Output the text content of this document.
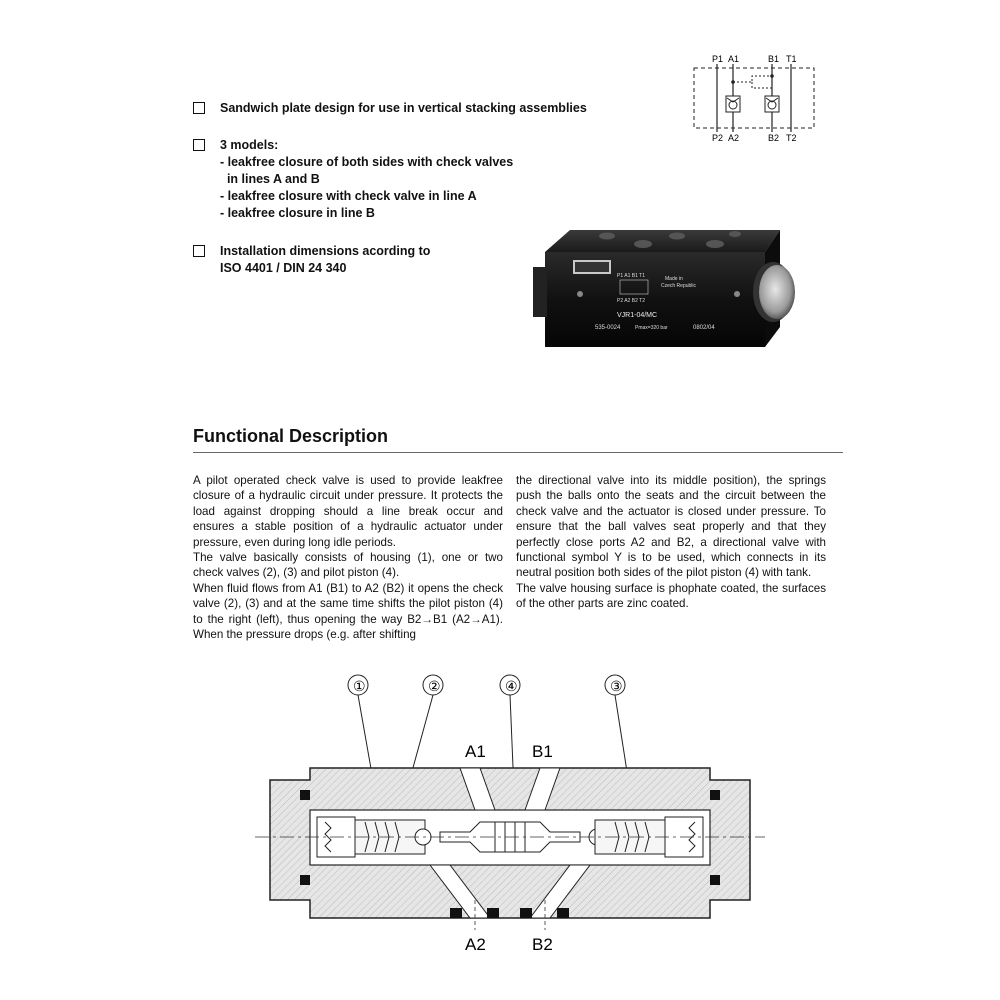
Sandwich plate design for use in vertical stacking assemblies
3 models:
- leakfree closure of both sides with check valves
in lines A and B
- leakfree closure with check valve in line A
- leakfree closure in line B
Installation dimensions acording to
ISO 4401 / DIN 24 340
P1 A1	B1 T1
P2 A2	B2 T2
P1 A1 B1 T1
P2 A2 B2 T2
Made in
Czech Republic
VJR1-04/MC
535-0024	Pmax=320 bar	0802/04
Functional Description

A pilot operated check valve is used to provide leakfree closure of a hydraulic circuit under pressure. It protects the load against dropping should a line break occur and ensures a stable position of a hydraulic actuator under pressure, even during long idle periods.

The valve basically consists of housing (1), one or two check valves (2), (3) and pilot piston (4).

When fluid flows from A1 (B1) to A2 (B2) it opens the check valve (2), (3) and at the same time shifts the pilot piston (4) to the right (left), thus opening the way B2→B1 (A2→A1). When the pressure drops (e.g. after shifting

the directional valve into its middle position), the springs push the balls onto the seats and the circuit between the check valve and the actuator is closed under pressure. To ensure that the ball valves seat properly and that they perfectly close ports A2 and B2, a directional valve with functional symbol Y is to be used, which connects in its neutral position both sides of the pilot piston (4) with tank.

The valve housing surface is phophate coated, the surfaces of the other parts are zinc coated.

①	②	④	③
A1	B1
A2	B2
